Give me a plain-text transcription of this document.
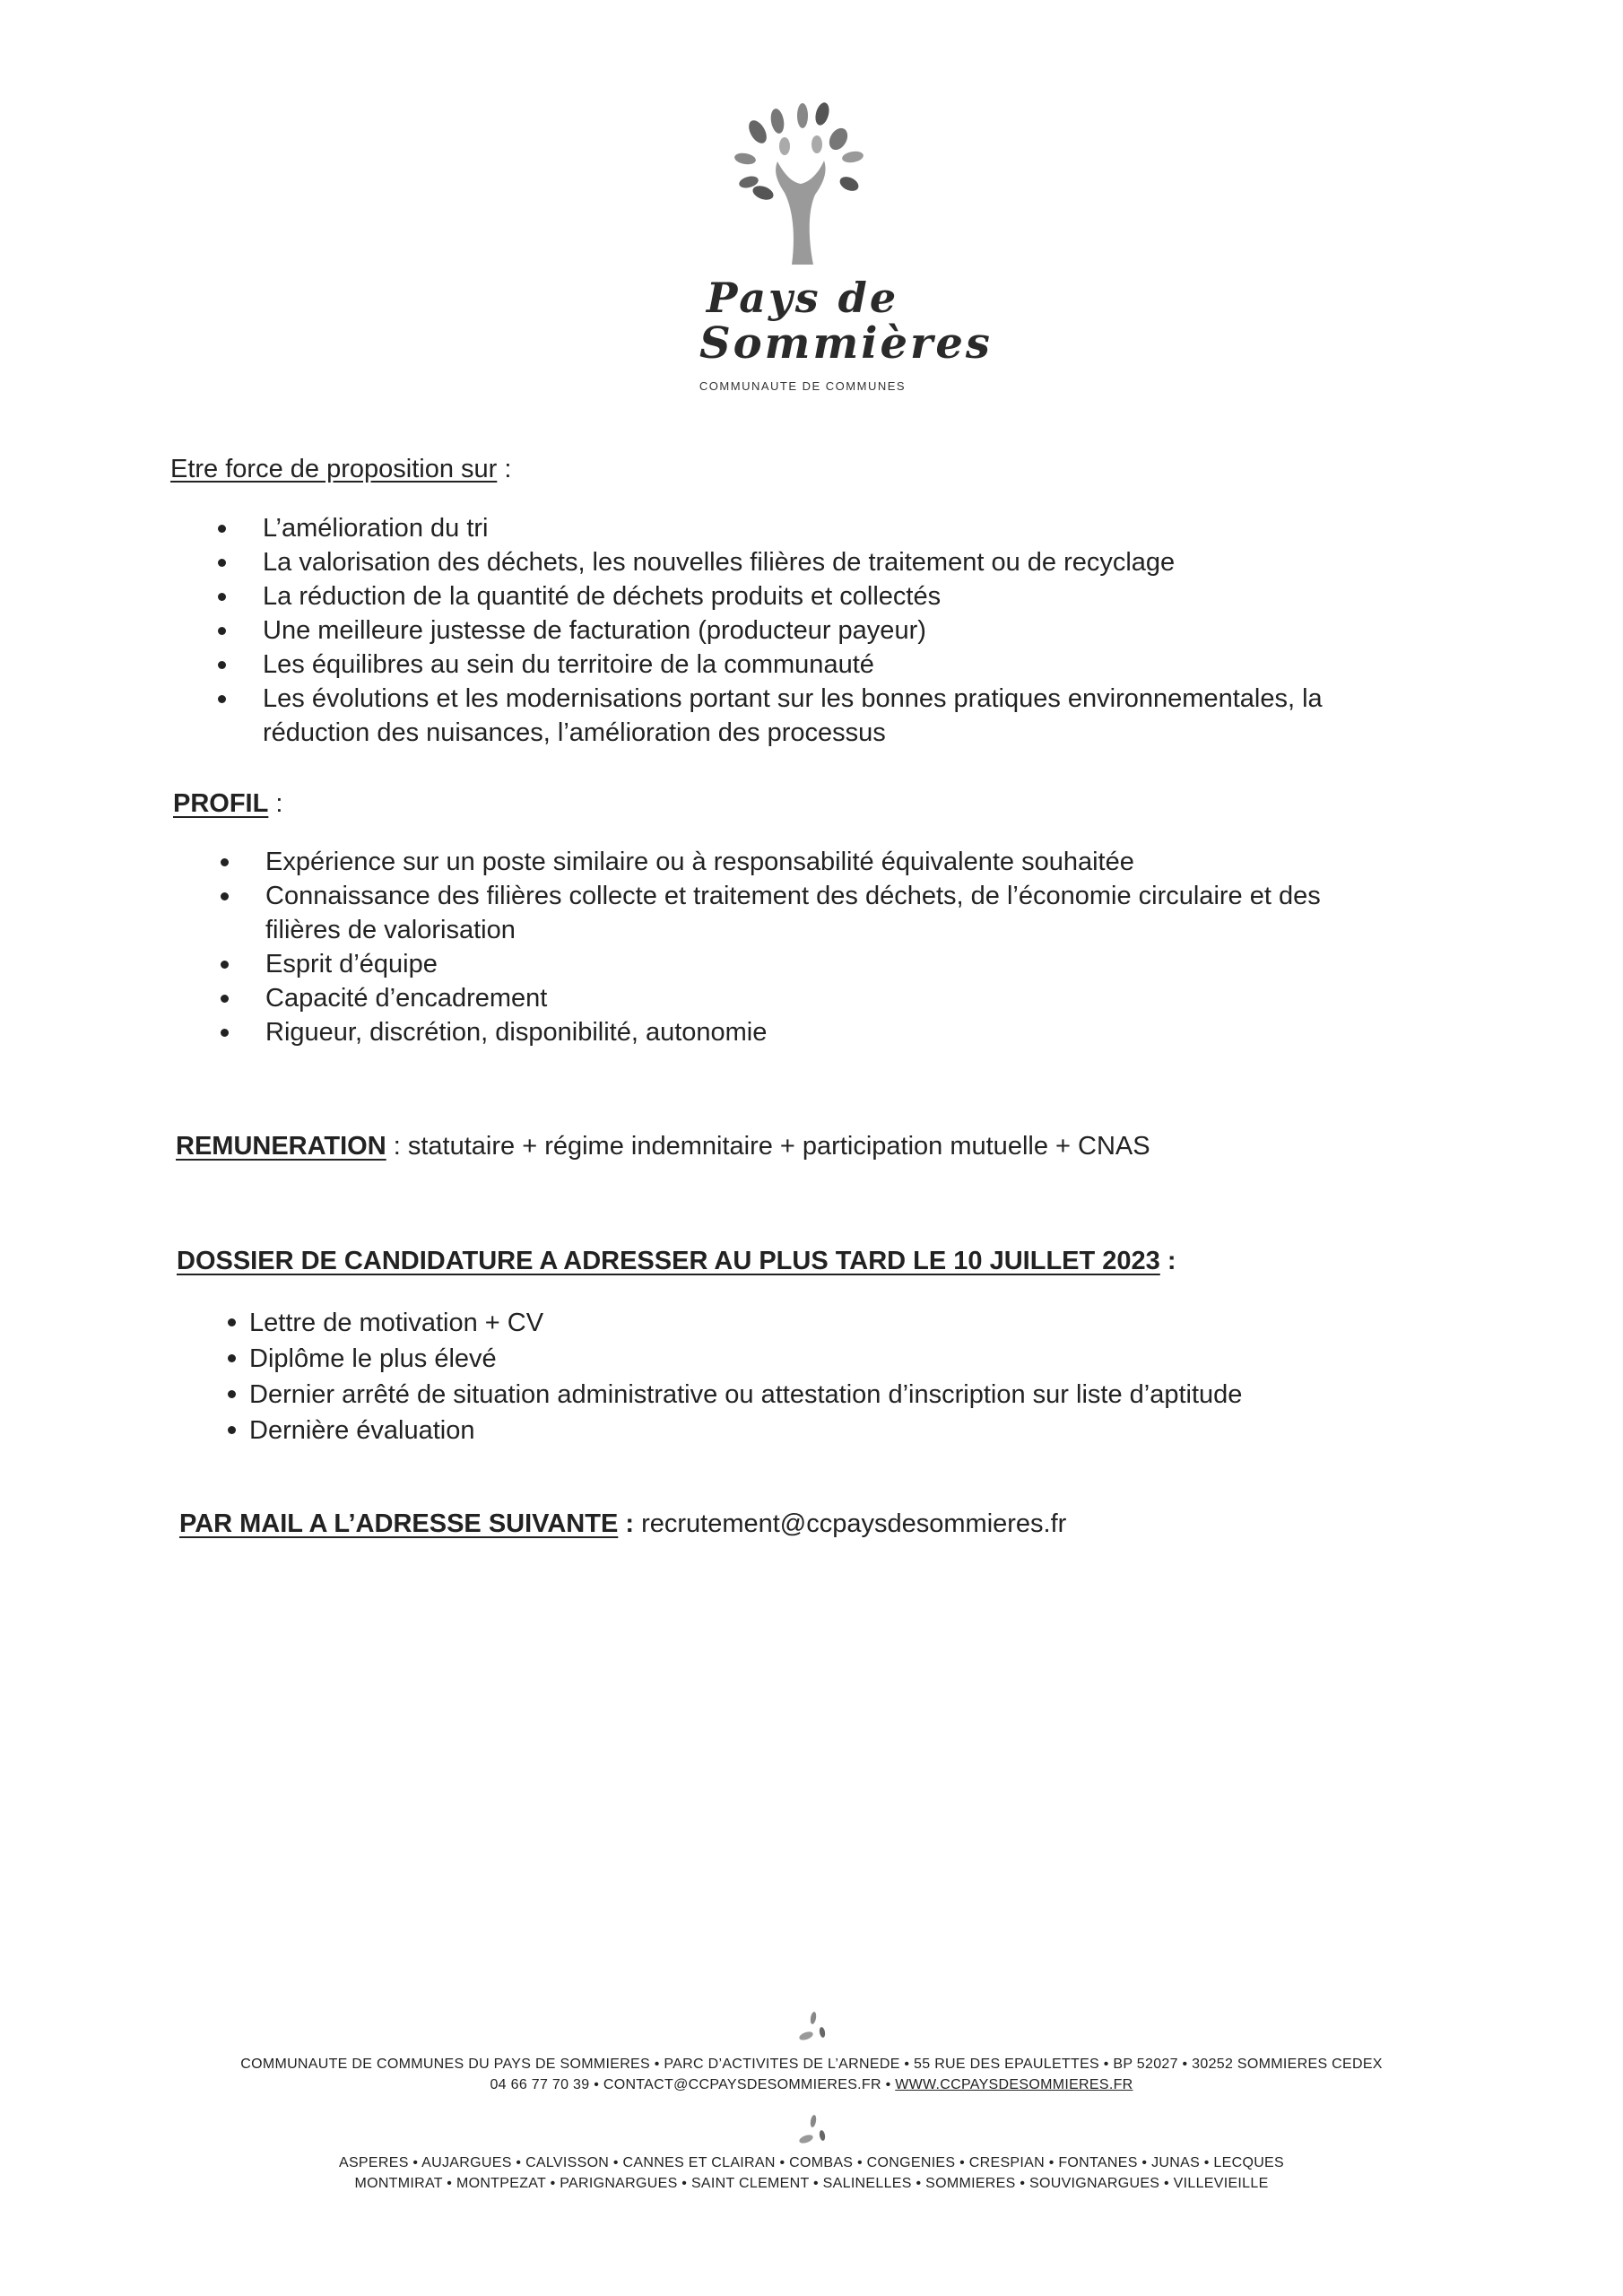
Pays de
Sommières
COMMUNAUTE DE COMMUNES
Etre force de proposition sur :
L’amélioration du tri
La valorisation des déchets, les nouvelles filières de traitement ou de recyclage
La réduction de la quantité de déchets produits et collectés
Une meilleure justesse de facturation (producteur payeur)
Les équilibres au sein du territoire de la communauté
Les évolutions et les modernisations portant sur les bonnes pratiques environnementales, la
réduction des nuisances, l’amélioration des processus
PROFIL :
Expérience sur un poste similaire ou à responsabilité équivalente souhaitée
Connaissance des filières collecte et traitement des déchets, de l’économie circulaire et des
filières de valorisation
Esprit d’équipe
Capacité d’encadrement
Rigueur, discrétion, disponibilité, autonomie
REMUNERATION : statutaire + régime indemnitaire + participation mutuelle + CNAS
DOSSIER DE CANDIDATURE A ADRESSER AU PLUS TARD LE 10 JUILLET 2023 :
Lettre de motivation + CV
Diplôme le plus élevé
Dernier arrêté de situation administrative ou attestation d’inscription sur liste d’aptitude
Dernière évaluation
PAR MAIL A L’ADRESSE SUIVANTE : recrutement@ccpaysdesommieres.fr
COMMUNAUTE DE COMMUNES DU PAYS DE SOMMIERES • PARC D’ACTIVITES DE L’ARNEDE • 55 RUE DES EPAULETTES • BP 52027 • 30252 SOMMIERES CEDEX
04 66 77 70 39 • CONTACT@CCPAYSDESOMMIERES.FR • WWW.CCPAYSDESOMMIERES.FR
ASPERES • AUJARGUES • CALVISSON • CANNES ET CLAIRAN • COMBAS • CONGENIES • CRESPIAN • FONTANES • JUNAS • LECQUES
MONTMIRAT • MONTPEZAT • PARIGNARGUES • SAINT CLEMENT • SALINELLES • SOMMIERES • SOUVIGNARGUES • VILLEVIEILLE
